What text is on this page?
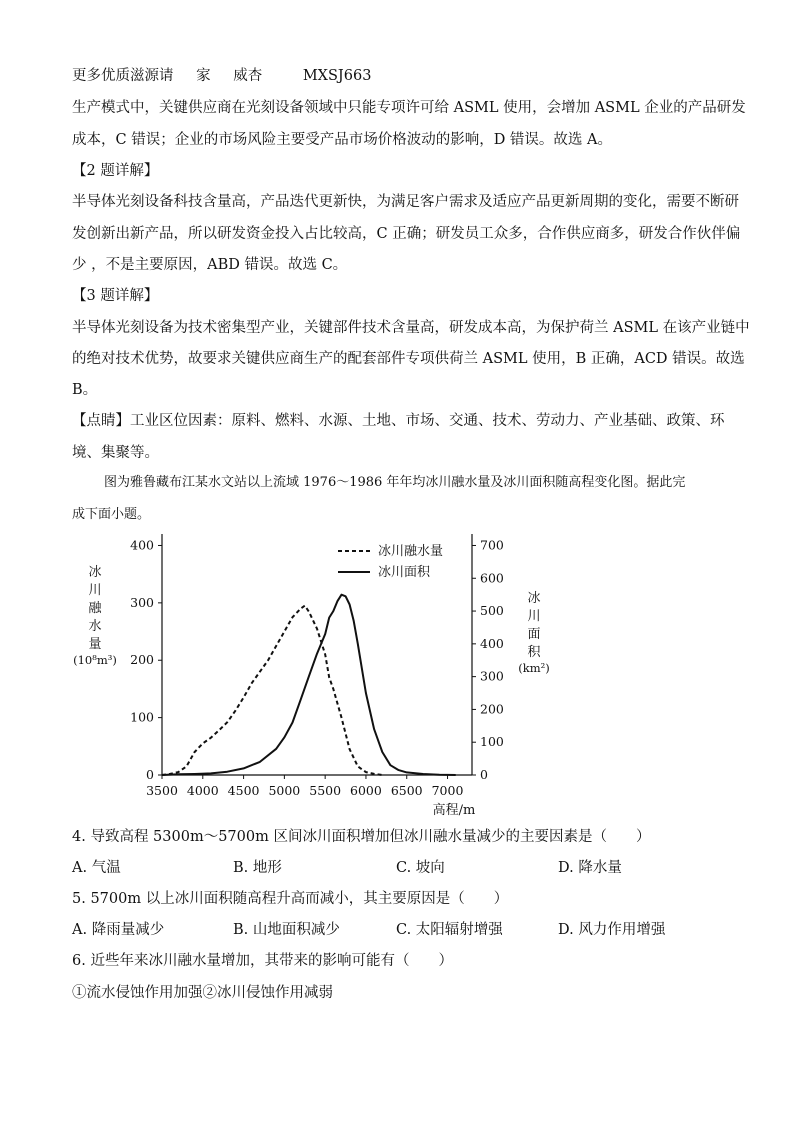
更多优质滋源请 家 威杏	MXSJ663
生产模式中，关键供应商在光刻设备领域中只能专项许可给 ASML 使用，会增加 ASML 企业的产品研发
成本，C 错误；企业的市场风险主要受产品市场价格波动的影响，D 错误。故选 A。
【2 题详解】
半导体光刻设备科技含量高，产品迭代更新快，为满足客户需求及适应产品更新周期的变化，需要不断研
发创新出新产品，所以研发资金投入占比较高，C 正确；研发员工众多，合作供应商多，研发合作伙伴偏
少 ，不是主要原因，ABD 错误。故选 C。
【3 题详解】
半导体光刻设备为技术密集型产业，关键部件技术含量高，研发成本高，为保护荷兰 ASML 在该产业链中
的绝对技术优势，故要求关键供应商生产的配套部件专项供荷兰 ASML 使用，B 正确，ACD 错误。故选
B。
【点睛】工业区位因素：原料、燃料、水源、土地、市场、交通、技术、劳动力、产业基础、政策、环
境、集聚等。
图为雅鲁藏布江某水文站以上流域 1976～1986 年年均冰川融水量及冰川面积随高程变化图。据此完
成下面小题。
3500 4000 4500 5000 5500 6000 6500 7000
0
100
200
300
400
0
100
200
300
400
500
600
700
冰
川
融
水
量
(10⁸m³)
冰
川
面
积
(km²)
高程/m
冰川融水量
冰川面积
4. 导致高程 5300m～5700m 区间冰川面积增加但冰川融水量减少的主要因素是（　　）
A. 气温	B. 地形	C. 坡向	D. 降水量
5. 5700m 以上冰川面积随高程升高而减小，其主要原因是（　　）
A. 降雨量减少	B. 山地面积减少	C. 太阳辐射增强	D. 风力作用增强
6. 近些年来冰川融水量增加，其带来的影响可能有（　　）
①流水侵蚀作用加强②冰川侵蚀作用减弱
